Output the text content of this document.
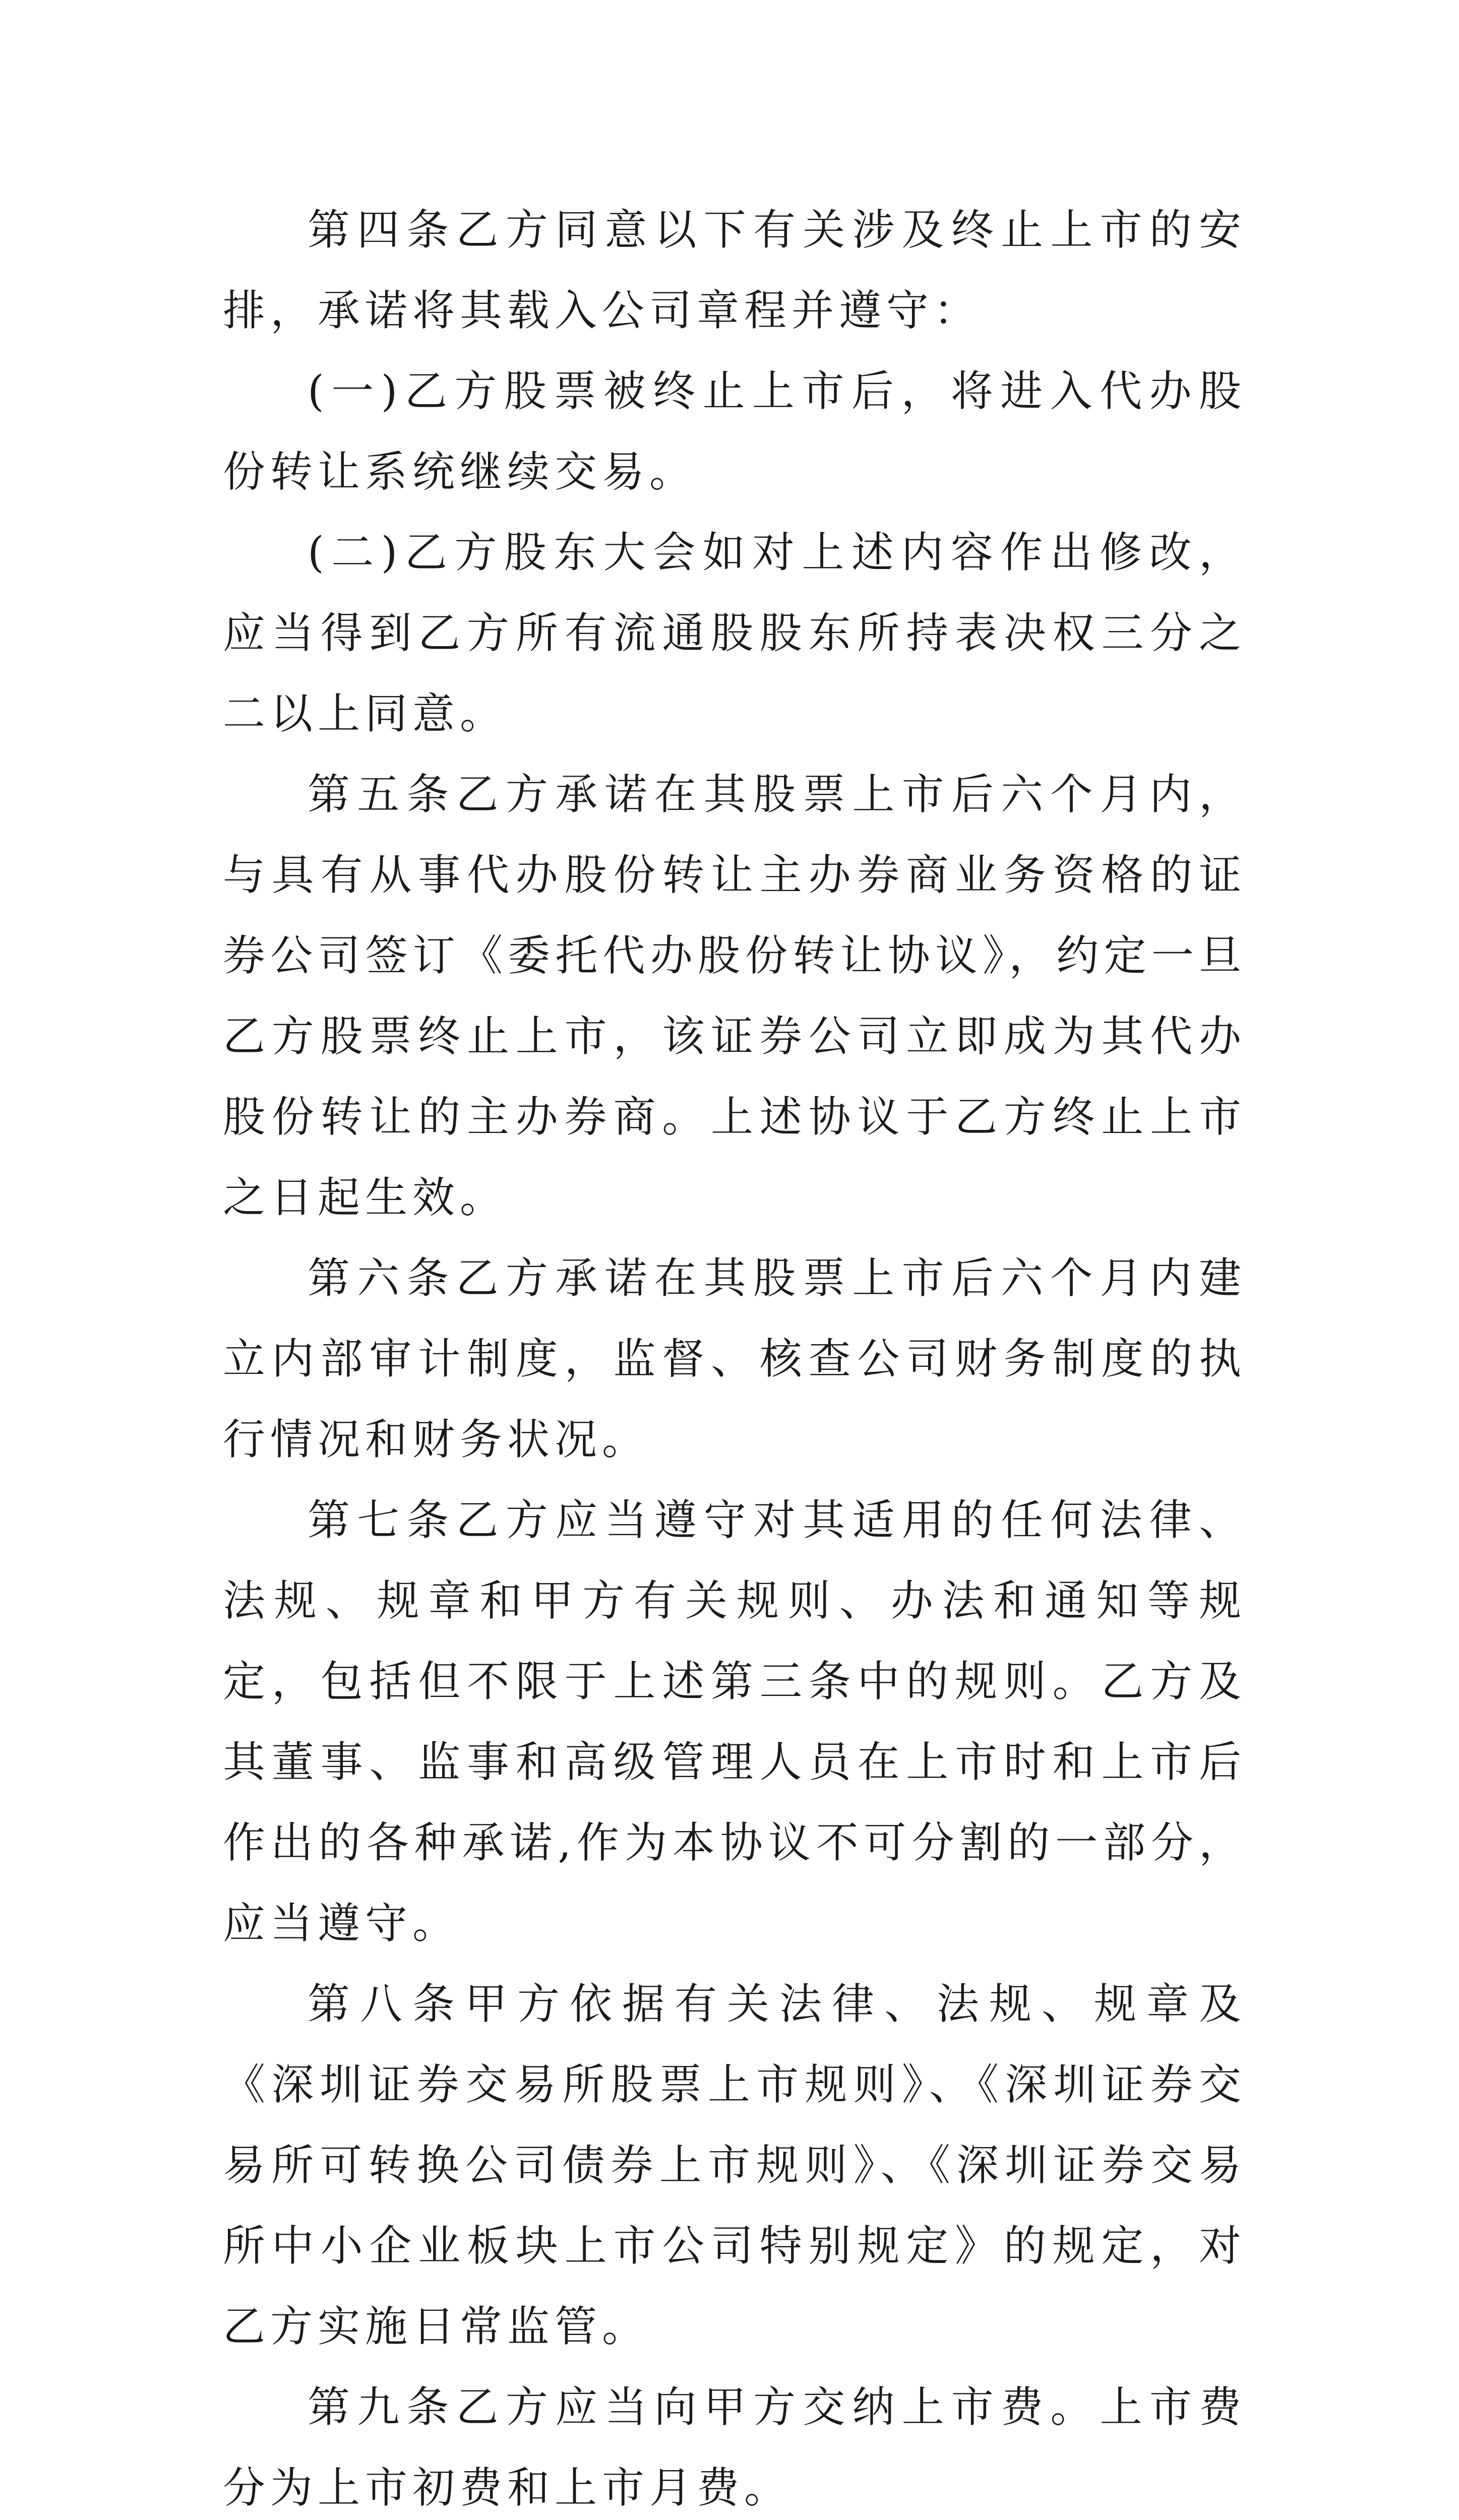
第四条乙方同意以下有关涉及终止上市的安排，承诺将其载入公司章程并遵守：

(一)乙方股票被终止上市后，将进入代办股份转让系统继续交易。

(二)乙方股东大会如对上述内容作出修改，应当得到乙方所有流通股股东所持表决权三分之二以上同意。

第五条乙方承诺在其股票上市后六个月内，与具有从事代办股份转让主办券商业务资格的证券公司签订《委托代办股份转让协议》，约定一旦乙方股票终止上市，该证券公司立即成为其代办股份转让的主办券商。上述协议于乙方终止上市之日起生效。

第六条乙方承诺在其股票上市后六个月内建立内部审计制度，监督、核查公司财务制度的执行情况和财务状况。

第七条乙方应当遵守对其适用的任何法律、法规、规章和甲方有关规则、办法和通知等规定，包括但不限于上述第三条中的规则。乙方及其董事、监事和高级管理人员在上市时和上市后作出的各种承诺,作为本协议不可分割的一部分，应当遵守。

第八条甲方依据有关法律、法规、规章及《深圳证券交易所股票上市规则》、《深圳证券交易所可转换公司债券上市规则》、《深圳证券交易所中小企业板块上市公司特别规定》的规定，对乙方实施日常监管。

第九条乙方应当向甲方交纳上市费。上市费分为上市初费和上市月费。
